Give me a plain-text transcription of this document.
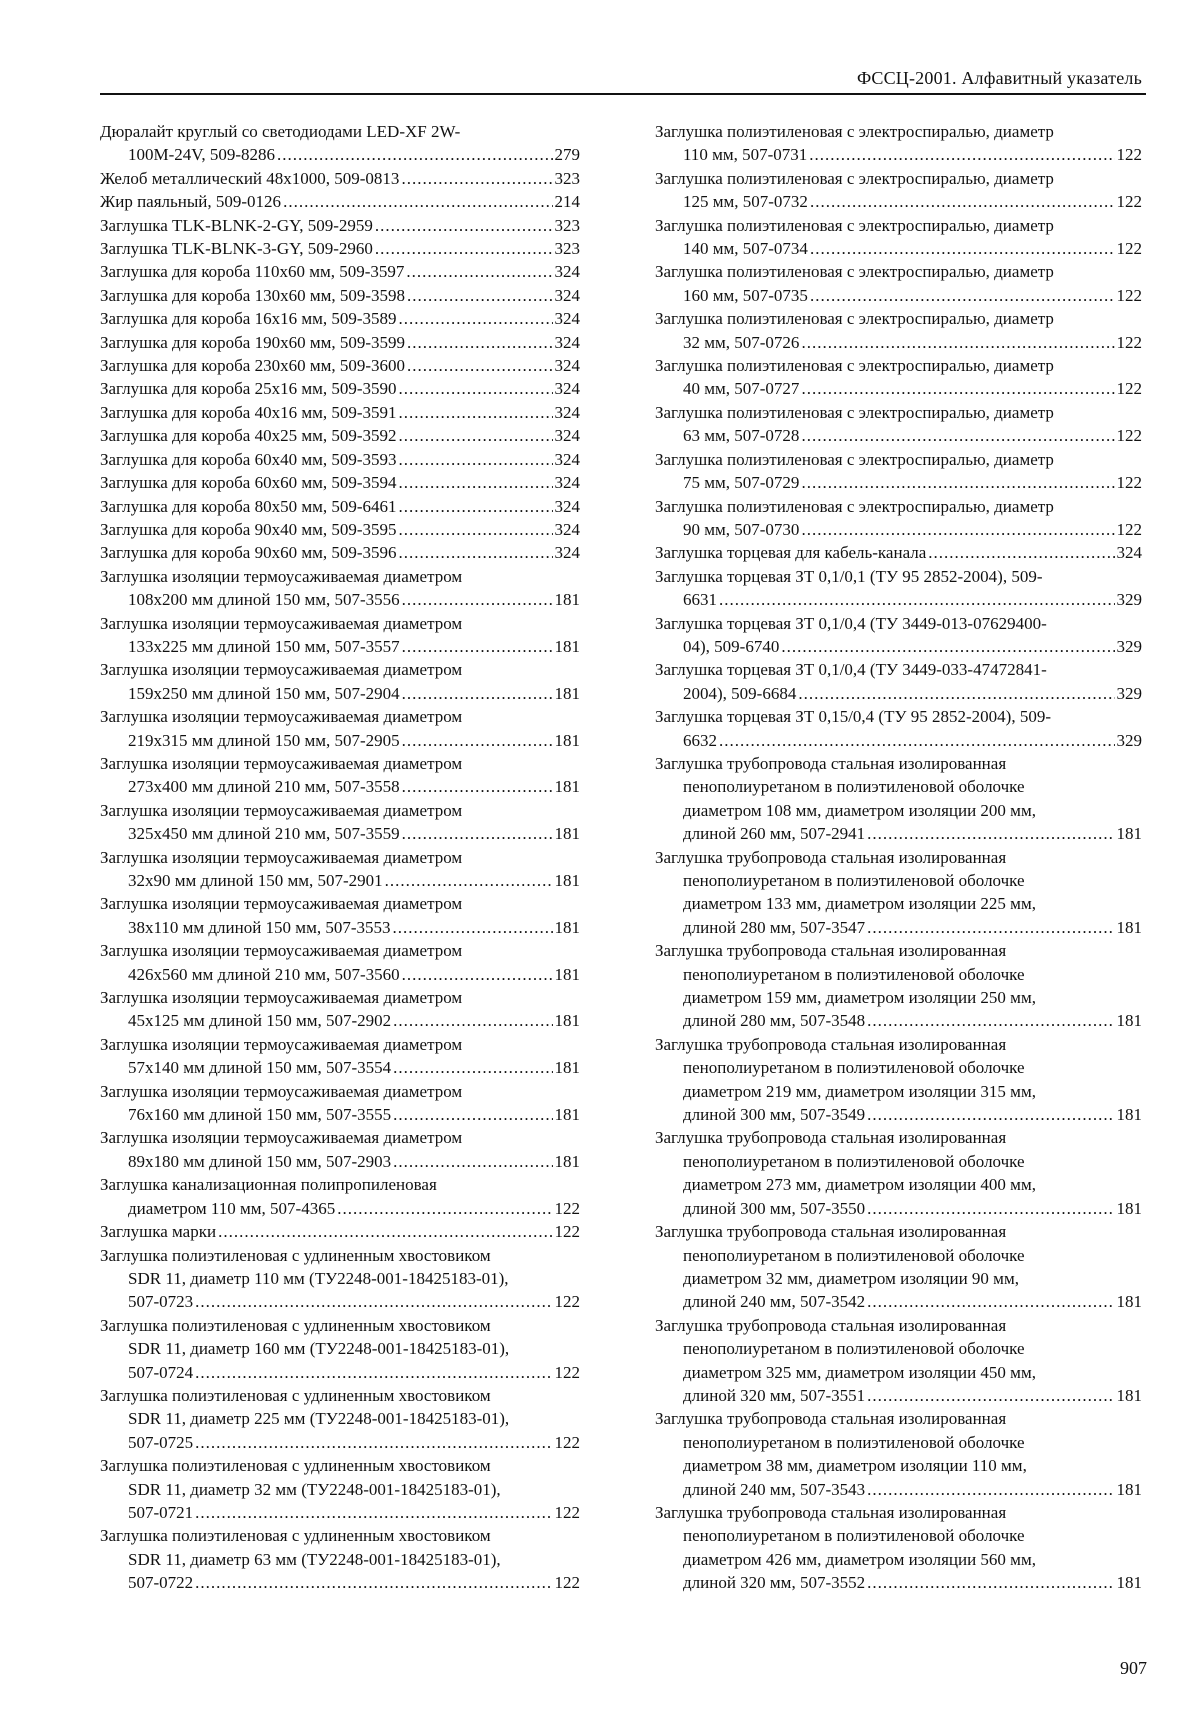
ФССЦ-2001. Алфавитный указатель
Дюралайт круглый со светодиодами LED-XF 2W-
100M-24V, 509-8286 .....	279
Желоб металлический 48x1000, 509-0813 .....	323
Жир паяльный, 509-0126 .....	214
Заглушка TLK-BLNK-2-GY, 509-2959 .....	323
Заглушка TLK-BLNK-3-GY, 509-2960 .....	323
Заглушка для короба 110x60 мм, 509-3597 .....	324
Заглушка для короба 130x60 мм, 509-3598 .....	324
Заглушка для короба 16x16 мм, 509-3589 .....	324
Заглушка для короба 190x60 мм, 509-3599 .....	324
Заглушка для короба 230x60 мм, 509-3600 .....	324
Заглушка для короба 25x16 мм, 509-3590 .....	324
Заглушка для короба 40x16 мм, 509-3591 .....	324
Заглушка для короба 40x25 мм, 509-3592 .....	324
Заглушка для короба 60x40 мм, 509-3593 .....	324
Заглушка для короба 60x60 мм, 509-3594 .....	324
Заглушка для короба 80x50 мм, 509-6461 .....	324
Заглушка для короба 90x40 мм, 509-3595 .....	324
Заглушка для короба 90x60 мм, 509-3596 .....	324
Заглушка изоляции термоусаживаемая диаметром
108x200 мм длиной 150 мм, 507-3556 .....	181
Заглушка изоляции термоусаживаемая диаметром
133x225 мм длиной 150 мм, 507-3557 .....	181
Заглушка изоляции термоусаживаемая диаметром
159x250 мм длиной 150 мм, 507-2904 .....	181
Заглушка изоляции термоусаживаемая диаметром
219x315 мм длиной 150 мм, 507-2905 .....	181
Заглушка изоляции термоусаживаемая диаметром
273x400 мм длиной 210 мм, 507-3558 .....	181
Заглушка изоляции термоусаживаемая диаметром
325x450 мм длиной 210 мм, 507-3559 .....	181
Заглушка изоляции термоусаживаемая диаметром
32x90 мм длиной 150 мм, 507-2901 .....	181
Заглушка изоляции термоусаживаемая диаметром
38x110 мм длиной 150 мм, 507-3553 .....	181
Заглушка изоляции термоусаживаемая диаметром
426x560 мм длиной 210 мм, 507-3560 .....	181
Заглушка изоляции термоусаживаемая диаметром
45x125 мм длиной 150 мм, 507-2902 .....	181
Заглушка изоляции термоусаживаемая диаметром
57x140 мм длиной 150 мм, 507-3554 .....	181
Заглушка изоляции термоусаживаемая диаметром
76x160 мм длиной 150 мм, 507-3555 .....	181
Заглушка изоляции термоусаживаемая диаметром
89x180 мм длиной 150 мм, 507-2903 .....	181
Заглушка канализационная полипропиленовая
диаметром 110 мм, 507-4365 .....	122
Заглушка марки .....	122
Заглушка полиэтиленовая с удлиненным хвостовиком
SDR 11, диаметр 110 мм (ТУ2248-001-18425183-01),
507-0723 .....	122
Заглушка полиэтиленовая с удлиненным хвостовиком
SDR 11, диаметр 160 мм (ТУ2248-001-18425183-01),
507-0724 .....	122
Заглушка полиэтиленовая с удлиненным хвостовиком
SDR 11, диаметр 225 мм (ТУ2248-001-18425183-01),
507-0725 .....	122
Заглушка полиэтиленовая с удлиненным хвостовиком
SDR 11, диаметр 32 мм (ТУ2248-001-18425183-01),
507-0721 .....	122
Заглушка полиэтиленовая с удлиненным хвостовиком
SDR 11, диаметр 63 мм (ТУ2248-001-18425183-01),
507-0722 .....	122
Заглушка полиэтиленовая с электроспиралью, диаметр
110 мм, 507-0731 .....	122
Заглушка полиэтиленовая с электроспиралью, диаметр
125 мм, 507-0732 .....	122
Заглушка полиэтиленовая с электроспиралью, диаметр
140 мм, 507-0734 .....	122
Заглушка полиэтиленовая с электроспиралью, диаметр
160 мм, 507-0735 .....	122
Заглушка полиэтиленовая с электроспиралью, диаметр
32 мм, 507-0726 .....	122
Заглушка полиэтиленовая с электроспиралью, диаметр
40 мм, 507-0727 .....	122
Заглушка полиэтиленовая с электроспиралью, диаметр
63 мм, 507-0728 .....	122
Заглушка полиэтиленовая с электроспиралью, диаметр
75 мм, 507-0729 .....	122
Заглушка полиэтиленовая с электроспиралью, диаметр
90 мм, 507-0730 .....	122
Заглушка торцевая для кабель-канала .....	324
Заглушка торцевая ЗТ 0,1/0,1 (ТУ 95 2852-2004), 509-
6631 .....	329
Заглушка торцевая ЗТ 0,1/0,4 (ТУ 3449-013-07629400-
04), 509-6740 .....	329
Заглушка торцевая ЗТ 0,1/0,4 (ТУ 3449-033-47472841-
2004), 509-6684 .....	329
Заглушка торцевая ЗТ 0,15/0,4 (ТУ 95 2852-2004), 509-
6632 .....	329
Заглушка трубопровода стальная изолированная
пенополиуретаном в полиэтиленовой оболочке
диаметром 108 мм, диаметром изоляции 200 мм,
длиной 260 мм, 507-2941 .....	181
Заглушка трубопровода стальная изолированная
пенополиуретаном в полиэтиленовой оболочке
диаметром 133 мм, диаметром изоляции 225 мм,
длиной 280 мм, 507-3547 .....	181
Заглушка трубопровода стальная изолированная
пенополиуретаном в полиэтиленовой оболочке
диаметром 159 мм, диаметром изоляции 250 мм,
длиной 280 мм, 507-3548 .....	181
Заглушка трубопровода стальная изолированная
пенополиуретаном в полиэтиленовой оболочке
диаметром 219 мм, диаметром изоляции 315 мм,
длиной 300 мм, 507-3549 .....	181
Заглушка трубопровода стальная изолированная
пенополиуретаном в полиэтиленовой оболочке
диаметром 273 мм, диаметром изоляции 400 мм,
длиной 300 мм, 507-3550 .....	181
Заглушка трубопровода стальная изолированная
пенополиуретаном в полиэтиленовой оболочке
диаметром 32 мм, диаметром изоляции 90 мм,
длиной 240 мм, 507-3542 .....	181
Заглушка трубопровода стальная изолированная
пенополиуретаном в полиэтиленовой оболочке
диаметром 325 мм, диаметром изоляции 450 мм,
длиной 320 мм, 507-3551 .....	181
Заглушка трубопровода стальная изолированная
пенополиуретаном в полиэтиленовой оболочке
диаметром 38 мм, диаметром изоляции 110 мм,
длиной 240 мм, 507-3543 .....	181
Заглушка трубопровода стальная изолированная
пенополиуретаном в полиэтиленовой оболочке
диаметром 426 мм, диаметром изоляции 560 мм,
длиной 320 мм, 507-3552 .....	181
907
